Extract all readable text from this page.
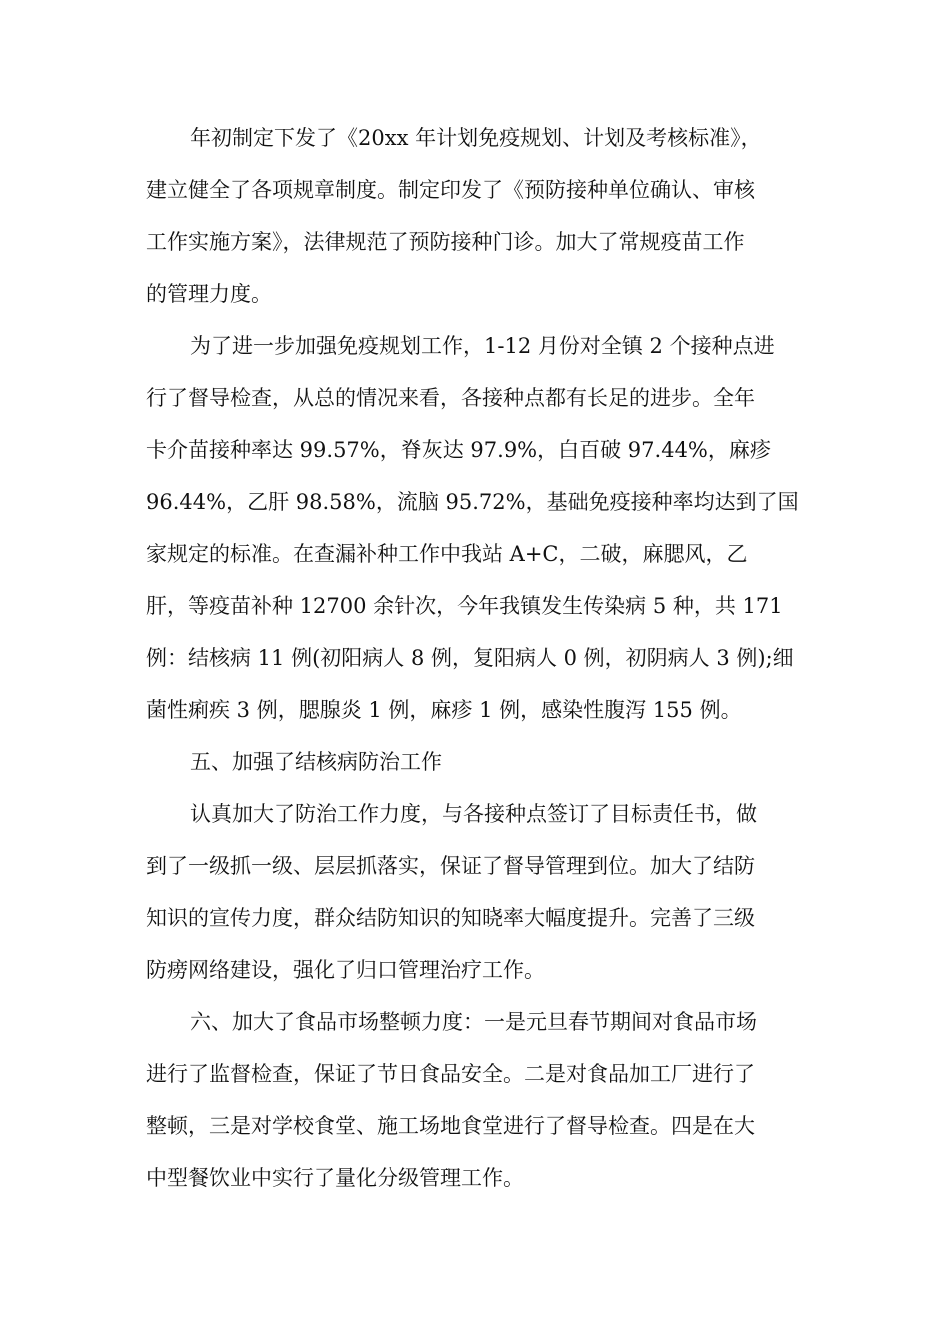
年初制定下发了《20xx 年计划免疫规划、计划及考核标准》，
建立健全了各项规章制度。制定印发了《预防接种单位确认、审核
工作实施方案》，法律规范了预防接种门诊。加大了常规疫苗工作
的管理力度。
为了进一步加强免疫规划工作，1-12 月份对全镇 2 个接种点进
行了督导检查，从总的情况来看，各接种点都有长足的进步。全年
卡介苗接种率达 99.57%，脊灰达 97.9%，白百破 97.44%，麻疹
96.44%，乙肝 98.58%，流脑 95.72%，基础免疫接种率均达到了国
家规定的标准。在查漏补种工作中我站 A+C，二破，麻腮风，乙
肝，等疫苗补种 12700 余针次，今年我镇发生传染病 5 种，共 171
例：结核病 11 例(初阳病人 8 例，复阳病人 0 例，初阴病人 3 例);细
菌性痢疾 3 例，腮腺炎 1 例，麻疹 1 例，感染性腹泻 155 例。
五、加强了结核病防治工作
认真加大了防治工作力度，与各接种点签订了目标责任书，做
到了一级抓一级、层层抓落实，保证了督导管理到位。加大了结防
知识的宣传力度，群众结防知识的知晓率大幅度提升。完善了三级
防痨网络建设，强化了归口管理治疗工作。
六、加大了食品市场整顿力度：一是元旦春节期间对食品市场
进行了监督检查，保证了节日食品安全。二是对食品加工厂进行了
整顿，三是对学校食堂、施工场地食堂进行了督导检查。四是在大
中型餐饮业中实行了量化分级管理工作。
